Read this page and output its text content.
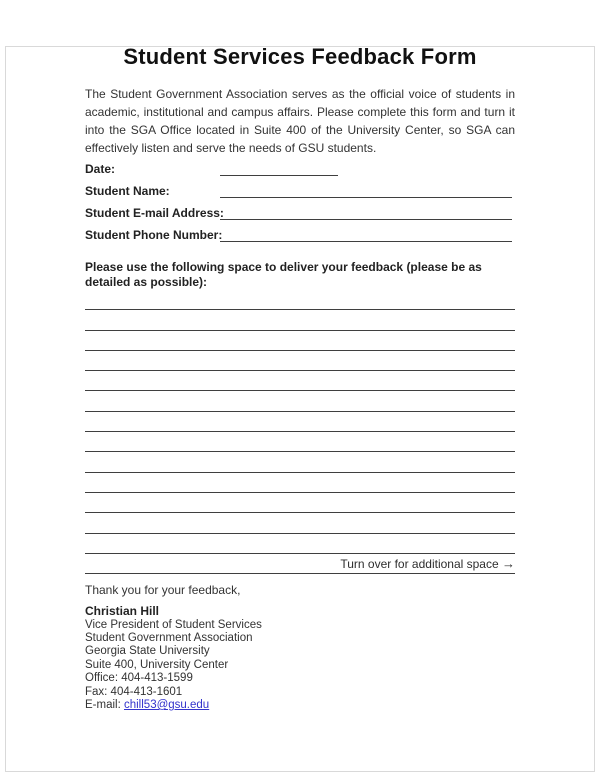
Student Services Feedback Form

The Student Government Association serves as the official voice of students in academic, institutional and campus affairs. Please complete this form and turn it into the SGA Office located in Suite 400 of the University Center, so SGA can effectively listen and serve the needs of GSU students.

Date:
Student Name:
Student E-mail Address:
Student Phone Number:

Please use the following space to deliver your feedback (please be as detailed as possible):

Turn over for additional space →

Thank you for your feedback,

Christian Hill
Vice President of Student Services
Student Government Association
Georgia State University
Suite 400, University Center
Office: 404-413-1599
Fax: 404-413-1601
E-mail: chill53@gsu.edu
